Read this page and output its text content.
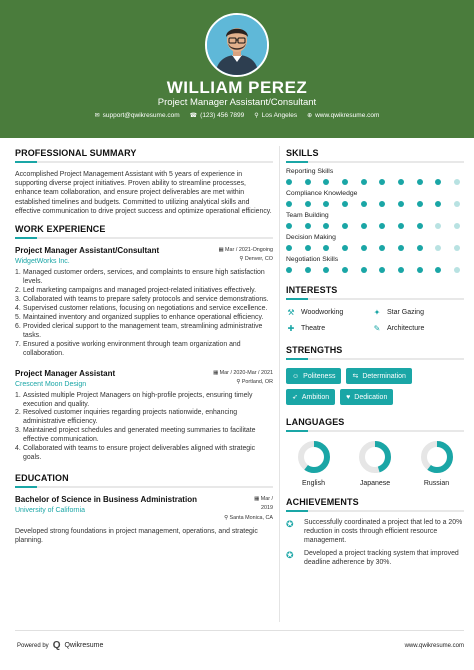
WILLIAM PEREZ
Project Manager Assistant/Consultant
✉ support@qwikresume.com ☎ (123) 456 7899 ⚲ Los Angeles ⊕ www.qwikresume.com
PROFESSIONAL SUMMARY

Accomplished Project Management Assistant with 5 years of experience in supporting diverse project initiatives. Proven ability to streamline processes, enhance team collaboration, and ensure project deliverables are met within established timelines and budgets. Committed to utilizing analytical skills and effective communication to drive project success and optimize operational efficiency.

WORK EXPERIENCE
Project Manager Assistant/Consultant
WidgetWorks Inc.
▦ Mar / 2021-Ongoing
⚲ Denver, CO
1. Managed customer orders, services, and complaints to ensure high satisfaction levels.
2. Led marketing campaigns and managed project-related initiatives effectively.
3. Collaborated with teams to prepare safety protocols and service demonstrations.
4. Supervised customer relations, focusing on negotiations and service excellence.
5. Maintained inventory and organized supplies to enhance operational efficiency.
6. Provided clerical support to the management team, streamlining administrative tasks.
7. Ensured a positive working environment through team organization and collaboration.
Project Manager Assistant
Crescent Moon Design
▦ Mar / 2020-Mar / 2021
⚲ Portland, OR
1. Assisted multiple Project Managers on high-profile projects, ensuring timely execution and quality.
2. Resolved customer inquiries regarding projects nationwide, enhancing administrative efficiency.
3. Maintained project schedules and generated meeting summaries to facilitate effective communication.
4. Collaborated with teams to ensure project deliverables aligned with strategic goals.
EDUCATION
Bachelor of Science in Business Administration
University of California
▦ Mar /
2019
⚲ Santa Monica, CA

Developed strong foundations in project management, operations, and strategic planning.

SKILLS
Reporting Skills
Compliance Knowledge
Team Building
Decision Making
Negotiation Skills
INTERESTS
⚒ Woodworking	✦ Star Gazing
✚ Theatre	✎ Architecture
STRENGTHS
☺ Politeness ⇆ Determination
➶ Ambition ♥ Dedication
LANGUAGES
English	Japanese	Russian
ACHIEVEMENTS
✪	Successfully coordinated a project that led to a 20% reduction in costs through efficient resource management.
✪	Developed a project tracking system that improved deadline adherence by 30%.
Powered by Q Qwikresume	www.qwikresume.com
